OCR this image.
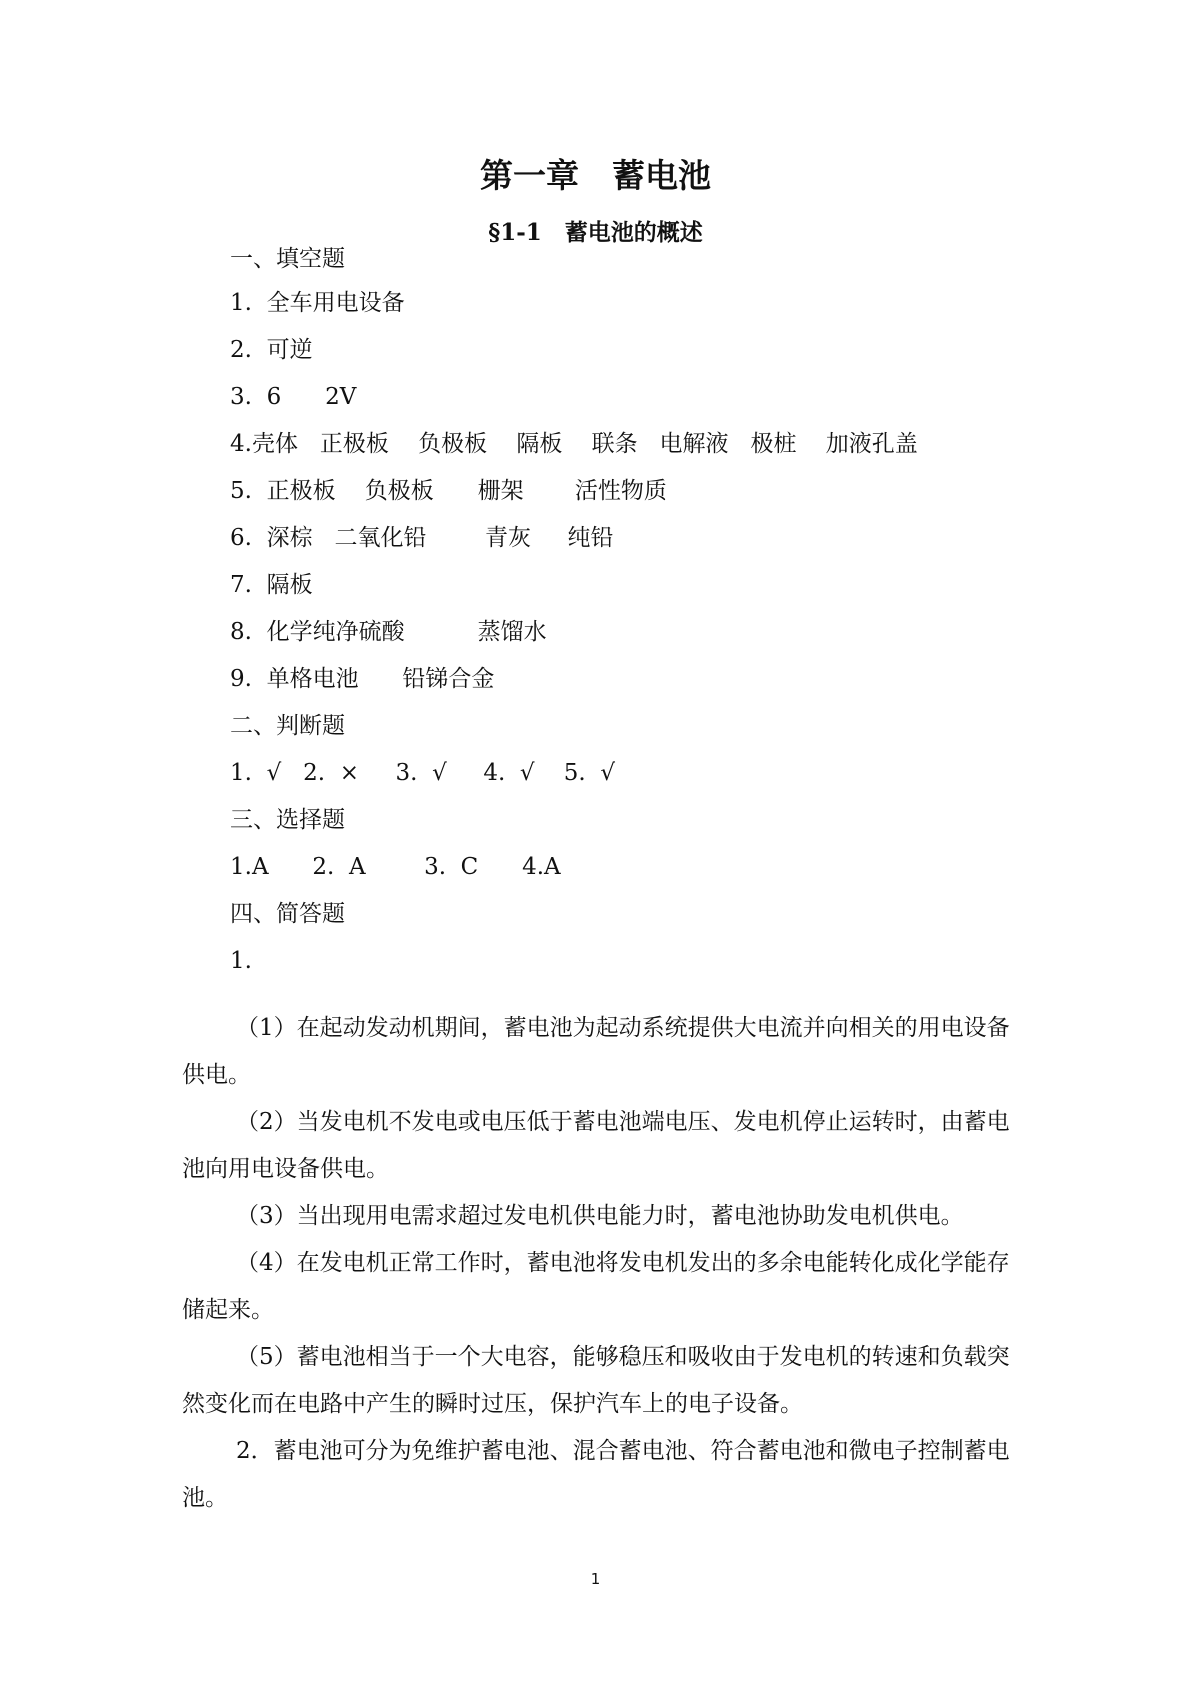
第一章　蓄电池
§1-1　蓄电池的概述
一、填空题
1.  全车用电设备
2.  可逆
3.  6      2V
4.壳体   正极板    负极板    隔板    联条   电解液   极桩    加液孔盖
5.  正极板    负极板      栅架       活性物质
6.  深棕   二氧化铅        青灰     纯铅
7.  隔板
8.  化学纯净硫酸          蒸馏水
9.  单格电池      铅锑合金
二、判断题
1.  √   2.  ×     3.  √     4.  √    5.  √
三、选择题
1.A      2.  A        3.  C      4.A
四、简答题
1.

（1）在起动发动机期间，蓄电池为起动系统提供大电流并向相关的用电设备供电。

（2）当发电机不发电或电压低于蓄电池端电压、发电机停止运转时，由蓄电池向用电设备供电。

（3）当出现用电需求超过发电机供电能力时，蓄电池协助发电机供电。

（4）在发电机正常工作时，蓄电池将发电机发出的多余电能转化成化学能存储起来。

（5）蓄电池相当于一个大电容，能够稳压和吸收由于发电机的转速和负载突然变化而在电路中产生的瞬时过压，保护汽车上的电子设备。

2．蓄电池可分为免维护蓄电池、混合蓄电池、符合蓄电池和微电子控制蓄电池。

1
